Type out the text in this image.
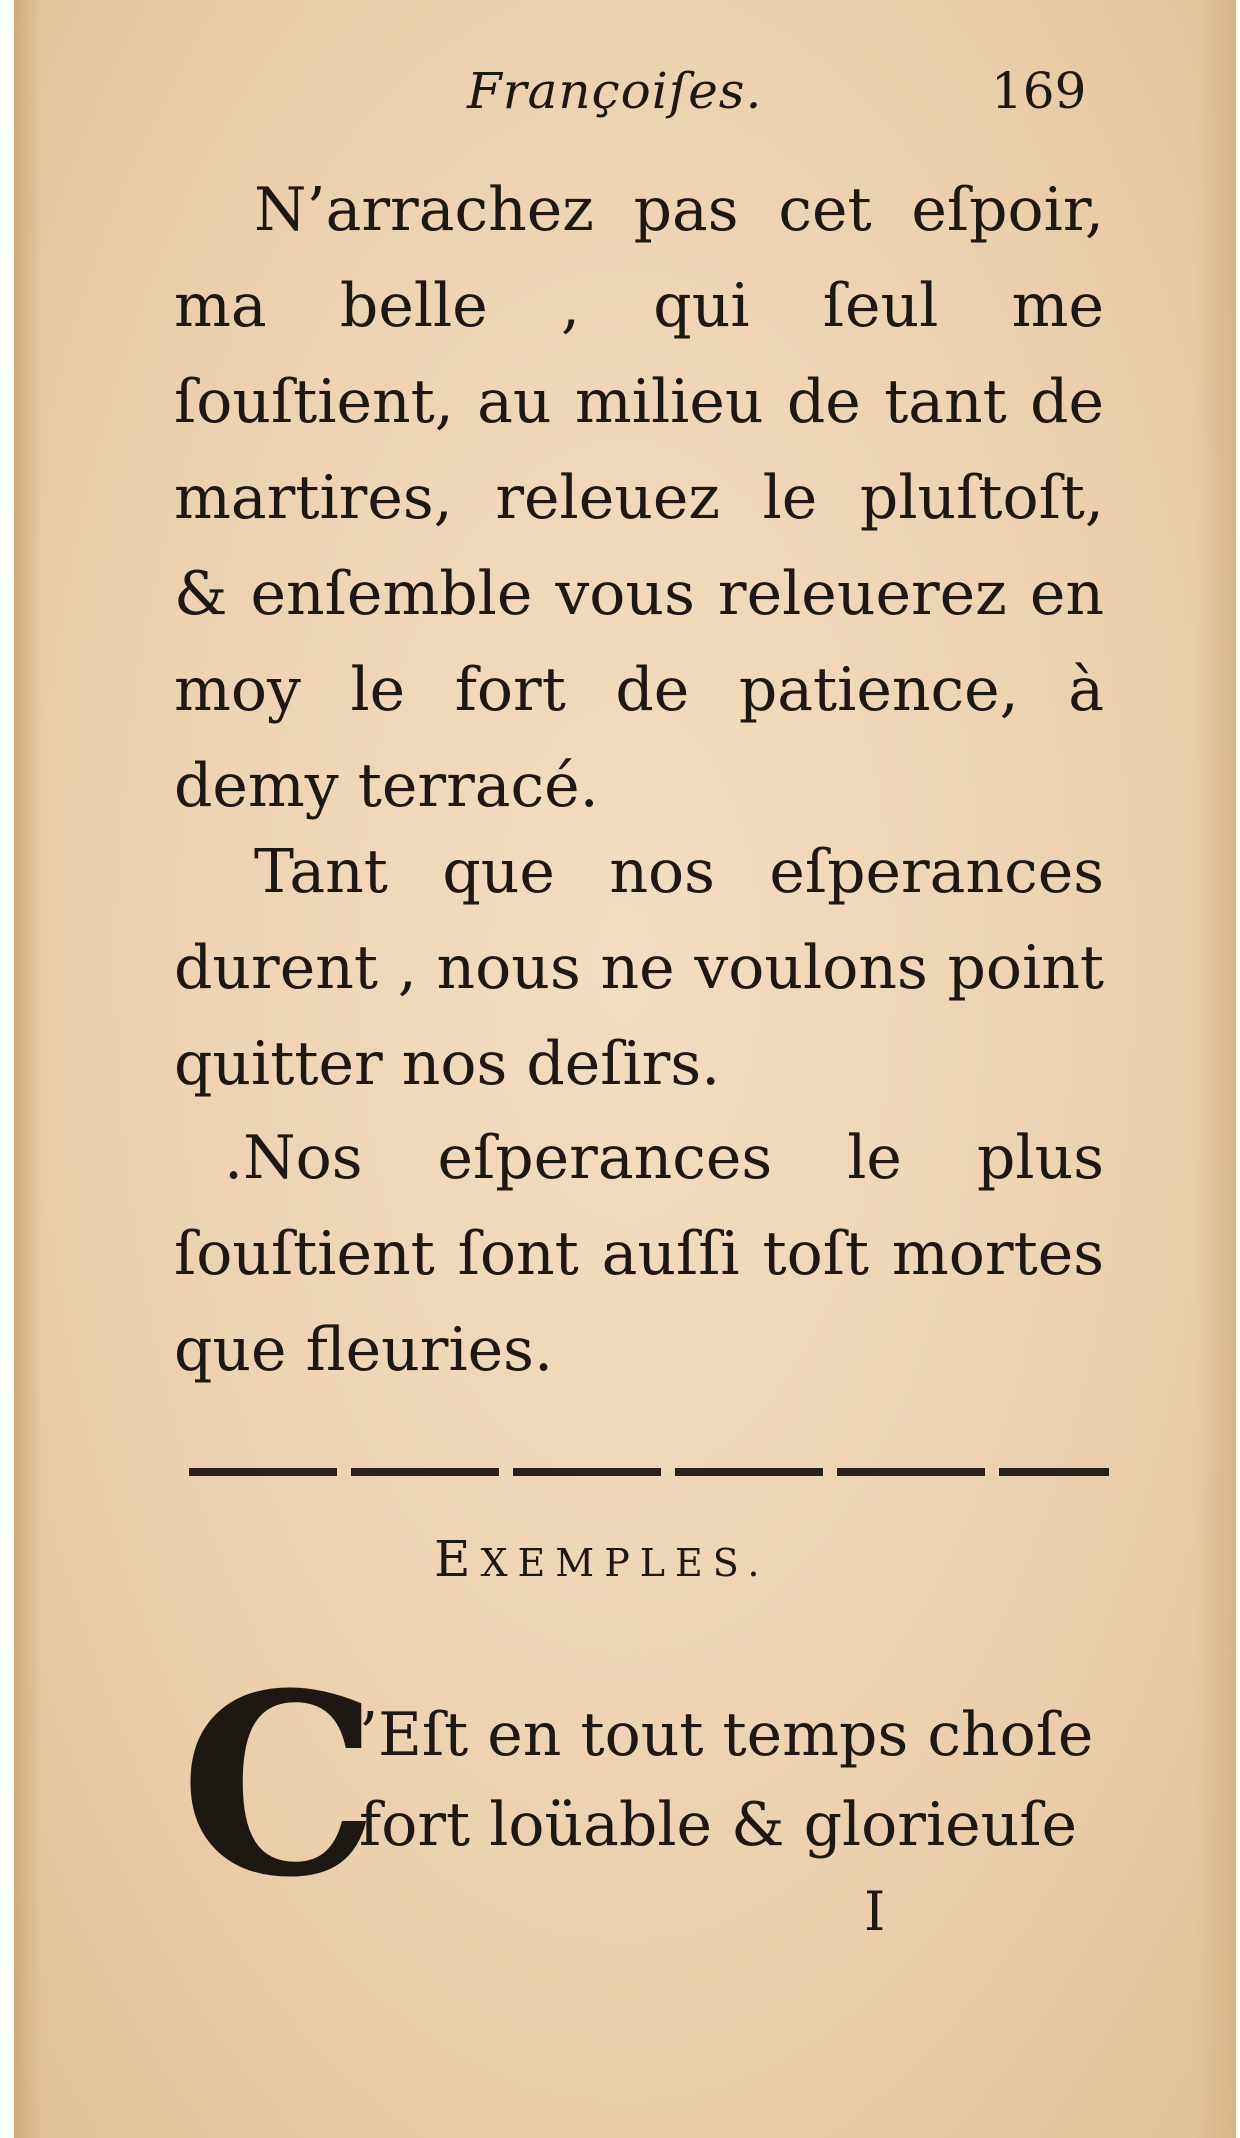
Françoiſes.	169

N’arrachez pas cet eſpoir, ma belle , qui ſeul me ſouſtient, au milieu de tant de martires, releuez le pluſtoſt, & enſemble vous releuerez en moy le fort de patience, à demy terracé.

Tant que nos eſperances durent , nous ne voulons point quitter nos deſirs.

.Nos eſperances le plus ſouſtient ſont auſſi toſt mortes que fleuries.

EXEMPLES.
C

’Eſt en tout temps choſe

fort loüable & glorieuſe

I
